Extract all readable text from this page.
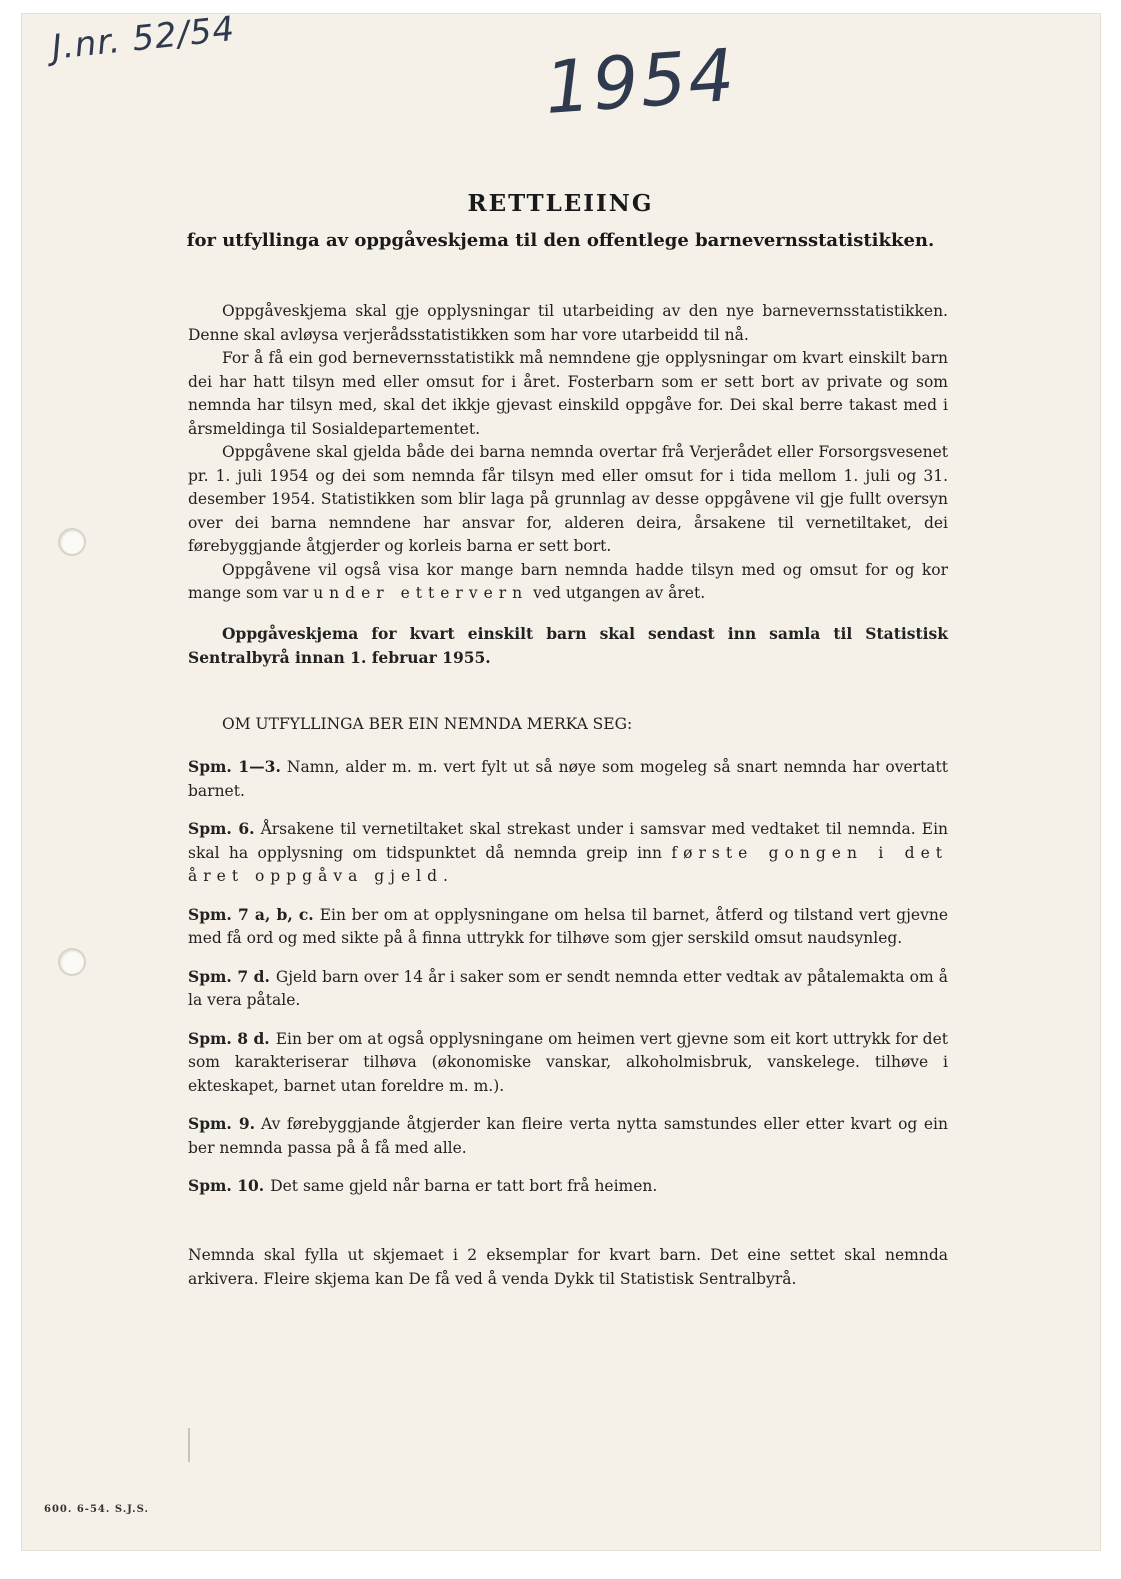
J.nr. 52/54	1954
RETTLEIING
for utfyllinga av oppgåveskjema til den offentlege barnevernsstatistikken.

Oppgåveskjema skal gje opplysningar til utarbeiding av den nye barnevernsstatistikken. Denne skal avløysa verjerådsstatistikken som har vore utarbeidd til nå.

For å få ein god bernevernsstatistikk må nemndene gje opplysningar om kvart einskilt barn dei har hatt tilsyn med eller omsut for i året. Fosterbarn som er sett bort av private og som nemnda har tilsyn med, skal det ikkje gjevast einskild oppgåve for. Dei skal berre takast med i årsmeldinga til Sosialdepartementet.

Oppgåvene skal gjelda både dei barna nemnda overtar frå Verjerådet eller Forsorgsvesenet pr. 1. juli 1954 og dei som nemnda får tilsyn med eller omsut for i tida mellom 1. juli og 31. desember 1954. Statistikken som blir laga på grunnlag av desse oppgåvene vil gje fullt oversyn over dei barna nemndene har ansvar for, alderen deira, årsakene til vernetiltaket, dei førebyggjande åtgjerder og korleis barna er sett bort.

Oppgåvene vil også visa kor mange barn nemnda hadde tilsyn med og omsut for og kor mange som var under ettervern ved utgangen av året.

Oppgåveskjema for kvart einskilt barn skal sendast inn samla til Statistisk Sentralbyrå innan 1. februar 1955.

OM UTFYLLINGA BER EIN NEMNDA MERKA SEG:

Spm. 1—3. Namn, alder m. m. vert fylt ut så nøye som mogeleg så snart nemnda har overtatt barnet.

Spm. 6. Årsakene til vernetiltaket skal strekast under i samsvar med vedtaket til nemnda. Ein skal ha opplysning om tidspunktet då nemnda greip inn første gongen i det året oppgåva gjeld.

Spm. 7 a, b, c. Ein ber om at opplysningane om helsa til barnet, åtferd og tilstand vert gjevne med få ord og med sikte på å finna uttrykk for tilhøve som gjer serskild omsut naudsynleg.

Spm. 7 d. Gjeld barn over 14 år i saker som er sendt nemnda etter vedtak av påtalemakta om å la vera påtale.

Spm. 8 d. Ein ber om at også opplysningane om heimen vert gjevne som eit kort uttrykk for det som karakteriserar tilhøva (økonomiske vanskar, alkoholmisbruk, vanskelege. tilhøve i ekteskapet, barnet utan foreldre m. m.).

Spm. 9. Av førebyggjande åtgjerder kan fleire verta nytta samstundes eller etter kvart og ein ber nemnda passa på å få med alle.

Spm. 10. Det same gjeld når barna er tatt bort frå heimen.

Nemnda skal fylla ut skjemaet i 2 eksemplar for kvart barn. Det eine settet skal nemnda arkivera. Fleire skjema kan De få ved å venda Dykk til Statistisk Sentralbyrå.

600. 6-54. S.J.S.
